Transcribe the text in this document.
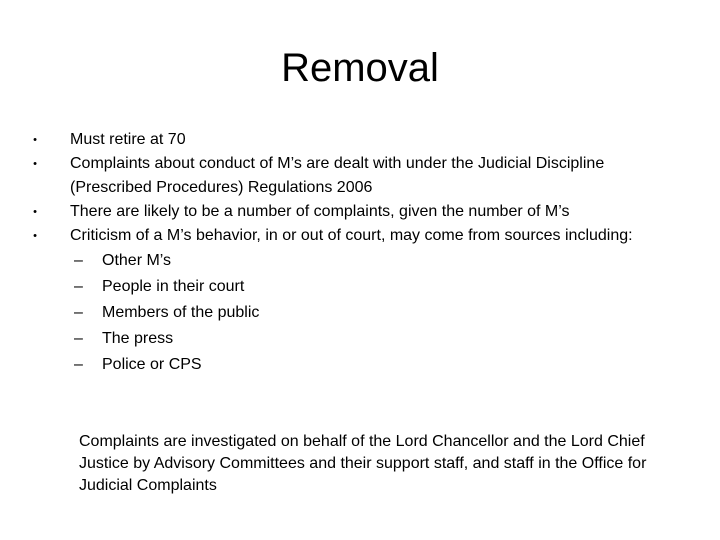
Removal
•	Must retire at 70
•	Complaints about conduct of M’s are dealt with under the Judicial Discipline (Prescribed Procedures) Regulations 2006
•	There are likely to be a number of complaints, given the number of M’s
•	Criticism of a M’s behavior, in or out of court, may come from sources including:
– Other M’s
– People in their court
– Members of the public
– The press
– Police or CPS

Complaints are investigated on behalf of the Lord Chancellor and the Lord Chief Justice by Advisory Committees and their support staff, and staff in the Office for Judicial Complaints
